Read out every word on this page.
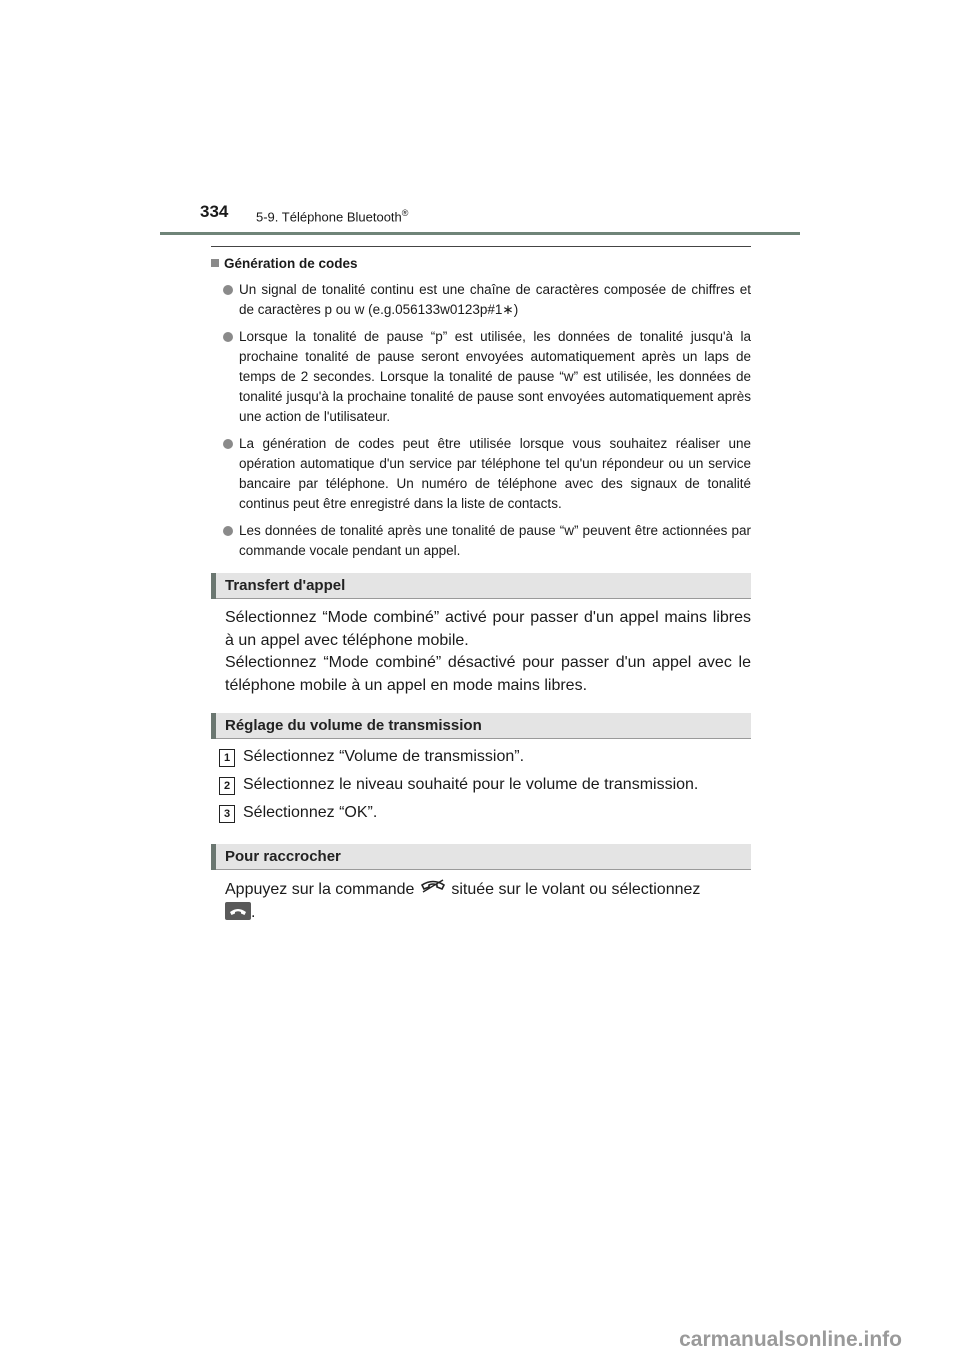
334 5-9. Téléphone Bluetooth®
Génération de codes
Un signal de tonalité continu est une chaîne de caractères composée de chiffres et de caractères p ou w (e.g.056133w0123p#1∗)
Lorsque la tonalité de pause “p” est utilisée, les données de tonalité jusqu'à la prochaine tonalité de pause seront envoyées automatiquement après un laps de temps de 2 secondes. Lorsque la tonalité de pause “w” est utilisée, les données de tonalité jusqu'à la prochaine tonalité de pause sont envoyées automatiquement après une action de l'utilisateur.
La génération de codes peut être utilisée lorsque vous souhaitez réaliser une opération automatique d'un service par téléphone tel qu'un répondeur ou un service bancaire par téléphone. Un numéro de téléphone avec des signaux de tonalité continus peut être enregistré dans la liste de contacts.
Les données de tonalité après une tonalité de pause “w” peuvent être actionnées par commande vocale pendant un appel.
Transfert d'appel
Sélectionnez “Mode combiné” activé pour passer d'un appel mains libres à un appel avec téléphone mobile.
Sélectionnez “Mode combiné” désactivé pour passer d'un appel avec le téléphone mobile à un appel en mode mains libres.
Réglage du volume de transmission
1 Sélectionnez “Volume de transmission”.
2 Sélectionnez le niveau souhaité pour le volume de transmission.
3 Sélectionnez “OK”.
Pour raccrocher
Appuyez sur la commande située sur le volant ou sélectionnez

.
carmanualsonline.info
